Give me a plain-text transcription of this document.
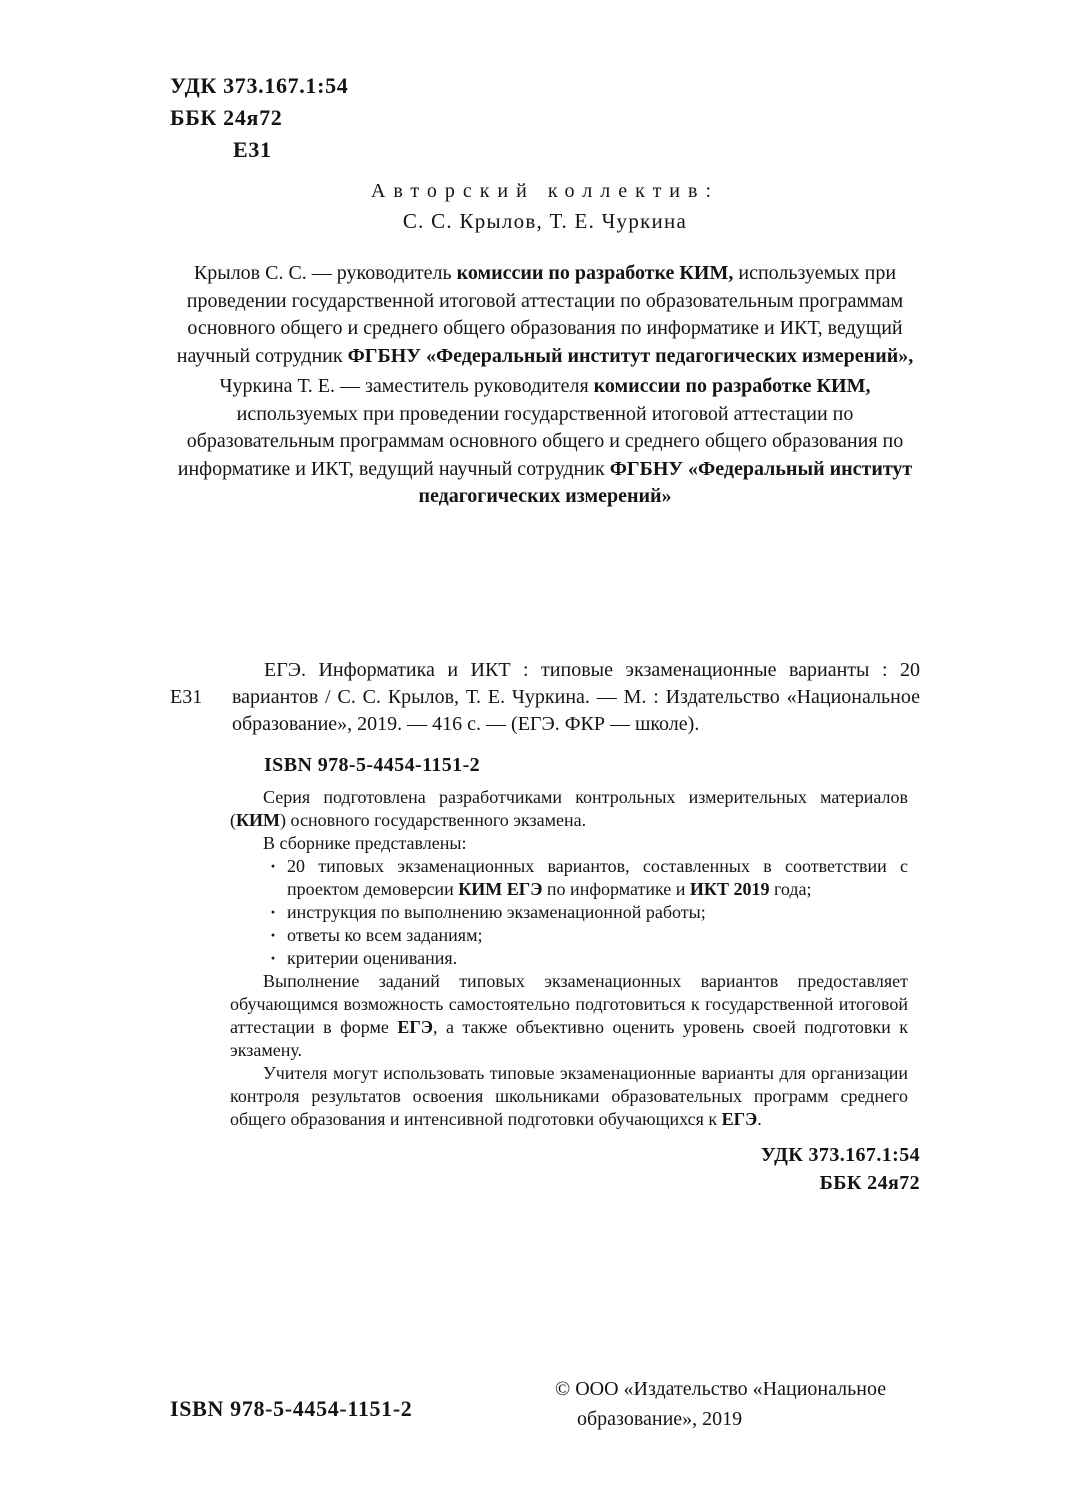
УДК 373.167.1:54
ББК 24я72
Е31
Авторский коллектив:
С. С. Крылов, Т. Е. Чуркина

Крылов С. С. — руководитель комиссии по разработке КИМ, используемых при проведении государственной итоговой аттестации по образовательным программам основного общего и среднего общего образования по информатике и ИКТ, ведущий научный сотрудник ФГБНУ «Федеральный институт педагогических измерений»,

Чуркина Т. Е. — заместитель руководителя комиссии по разработке КИМ, используемых при проведении государственной итоговой аттестации по образовательным программам основного общего и среднего общего образования по информатике и ИКТ, ведущий научный сотрудник ФГБНУ «Федеральный институт педагогических измерений»

Е31
ЕГЭ. Информатика и ИКТ : типовые экзаменационные варианты : 20 вариантов / С. С. Крылов, Т. Е. Чуркина. — М. : Издательство «Национальное образование», 2019. — 416 с. — (ЕГЭ. ФКР — школе).
ISBN 978-5-4454-1151-2

Серия подготовлена разработчиками контрольных измерительных материалов (КИМ) основного государственного экзамена.

В сборнике представлены:

· 20 типовых экзаменационных вариантов, составленных в соответствии с проектом демоверсии КИМ ЕГЭ по информатике и ИКТ 2019 года;
· инструкция по выполнению экзаменационной работы;
· ответы ко всем заданиям;
· критерии оценивания.

Выполнение заданий типовых экзаменационных вариантов предоставляет обучающимся возможность самостоятельно подготовиться к государственной итоговой аттестации в форме ЕГЭ, а также объективно оценить уровень своей подготовки к экзамену.

Учителя могут использовать типовые экзаменационные варианты для организации контроля результатов освоения школьниками образовательных программ среднего общего образования и интенсивной подготовки обучающихся к ЕГЭ.

УДК 373.167.1:54
ББК 24я72
ISBN 978-5-4454-1151-2
© ООО «Издательство «Национальное
образование», 2019
